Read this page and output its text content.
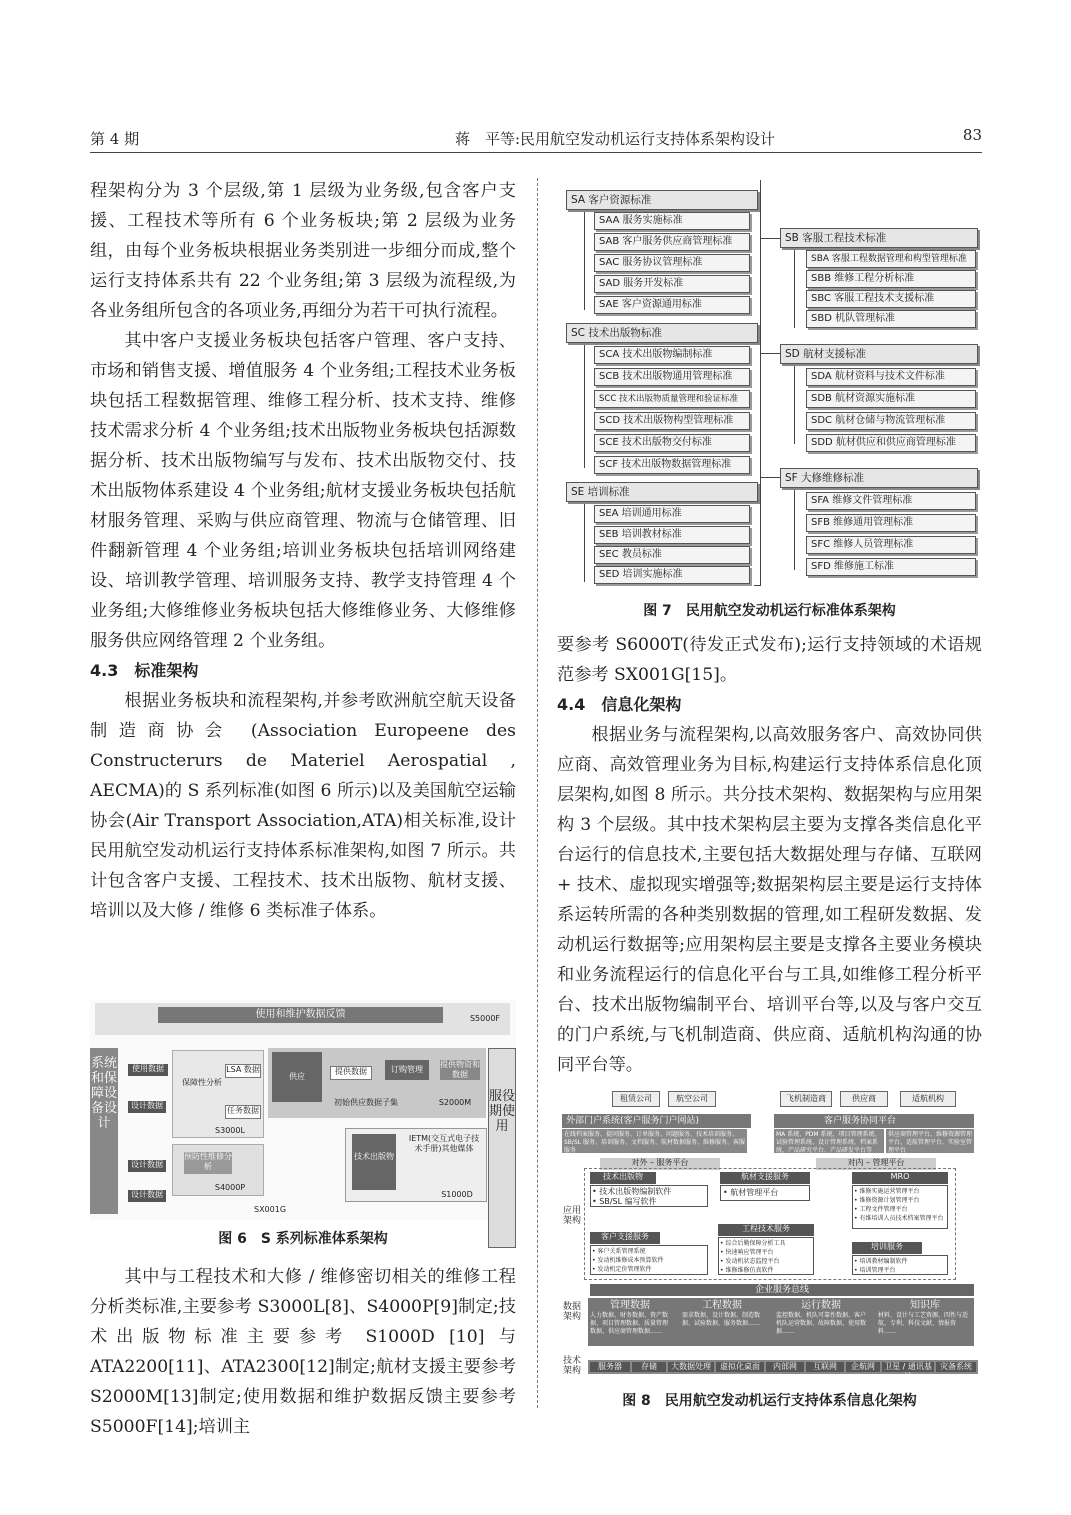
第 4 期	蒋　平等:民用航空发动机运行支持体系架构设计	83

程架构分为 3 个层级,第 1 层级为业务级,包含客户支援、工程技术等所有 6 个业务板块;第 2 层级为业务组，由每个业务板块根据业务类别进一步细分而成,整个运行支持体系共有 22 个业务组;第 3 层级为流程级,为各业务组所包含的各项业务,再细分为若干可执行流程。

其中客户支援业务板块包括客户管理、客户支持、市场和销售支援、增值服务 4 个业务组;工程技术业务板块包括工程数据管理、维修工程分析、技术支持、维修技术需求分析 4 个业务组;技术出版物业务板块包括源数据分析、技术出版物编写与发布、技术出版物交付、技术出版物体系建设 4 个业务组;航材支援业务板块包括航材服务管理、采购与供应商管理、物流与仓储管理、旧件翻新管理 4 个业务组;培训业务板块包括培训网络建设、培训教学管理、培训服务支持、教学支持管理 4 个业务组;大修维修业务板块包括大修维修业务、大修维修服务供应网络管理 2 个业务组。

4.3　标准架构

根据业务板块和流程架构,并参考欧洲航空航天设备制造商协会 (Association Europeene des Constructerurs de Materiel Aerospatial , AECMA)的 S 系列标准(如图 6 所示)以及美国航空运输协会(Air Transport Association,ATA)相关标准,设计民用航空发动机运行支持体系标准架构,如图 7 所示。共计包含客户支援、工程技术、技术出版物、航材支援、培训以及大修 / 维修 6 类标准子体系。

使用和维护数据反馈	S5000F
系统和保障设备设计
服役期使用
使用数据
设计数据
设计数据
设计数据
保障性分析
LSA 数据
任务数据
S3000L
供应
提供数据	订购管理
提供物资和数据
初始供应数据子集	S2000M
预防性维修分析
S4000P
IETM(交互式电子技术手册)其他媒体
技术出版物
S1000D
SX001G
图 6　S 系列标准体系架构

其中与工程技术和大修 / 维修密切相关的维修工程分析类标准,主要参考 S3000L[8]、S4000P[9]制定;技术出版物标准主要参考 S1000D [10] 与 ATA2200[11]、ATA2300[12]制定;航材支援主要参考 S2000M[13]制定;使用数据和维护数据反馈主要参考 S5000F[14];培训主

SA 客户资源标准
SAA 服务实施标准
SAB 客户服务供应商管理标准
SAC 服务协议管理标准
SAD 服务开发标准
SAE 客户资源通用标准
SC 技术出版物标准
SCA 技术出版物编制标准
SCB 技术出版物通用管理标准
SCC 技术出版物质量管理和验证标准
SCD 技术出版物构型管理标准
SCE 技术出版物交付标准
SCF 技术出版物数据管理标准
SE 培训标准
SEA 培训通用标准
SEB 培训教材标准
SEC 教员标准
SED 培训实施标准
SB 客服工程技术标准
SBA 客服工程数据管理和构型管理标准
SBB 维修工程分析标准
SBC 客服工程技术支援标准
SBD 机队管理标准
SD 航材支援标准
SDA 航材资料与技术文件标准
SDB 航材资源实施标准
SDC 航材仓储与物流管理标准
SDD 航材供应和供应商管理标准
SF 大修维修标准
SFA 维修文件管理标准
SFB 维修通用管理标准
SFC 维修人员管理标准
SFD 维修施工标准
图 7　民用航空发动机运行标准体系架构

要参考 S6000T(待发正式发布);运行支持领域的术语规范参考 SX001G[15]。

4.4　信息化架构

根据业务与流程架构,以高效服务客户、高效协同供应商、高效管理业务为目标,构建运行支持体系信息化顶层架构,如图 8 所示。共分技术架构、数据架构与应用架构 3 个层级。其中技术架构层主要为支撑各类信息化平台运行的信息技术,主要包括大数据处理与存储、互联网 + 技术、虚拟现实增强等;数据架构层主要是运行支持体系运转所需的各种类别数据的管理,如工程研发数据、发动机运行数据等;应用架构层主要是支撑各主要业务模块和业务流程运行的信息化平台与工具,如维修工程分析平台、技术出版物编制平台、培训平台等,以及与客户交互的门户系统,与飞机制造商、供应商、适航机构沟通的协同平台等。

租赁公司	航空公司	飞机制造商	供应商	适航机构
外部门户系统(客户服务门户网站)
在线档案服务、提问服务、订单服务、问题服务、技术培训服务、SB/SL 服务、培训服务、文档服务、航材数据服务、维修服务、客服服务
客户服务协同平台
MA 系统、PDM 系统、项目管理系统、试验管理系统、设计管理系统、档案系统、产品研究平台、产品研发平台等
供应商管理平台、维修资源管理平台、适航管理平台、实验室管理平台
对外 – 服务平台	对内 – 管理平台
应用架构
技术出版物
• 技术出版物编制软件
• SB/SL 编写软件
航材支援服务
• 航材管理平台
MRO
• 维修实施运营管理平台
• 维修资源计划管理平台
• 工程文件管理平台
• 有维培训人员技术档案管理平台
工程技术服务
• 综合后勤保障分析工具
• 快速响应管理平台
• 发动机状态监控平台
• 维修维修仿真软件
客户支援服务
• 客户关系管理系统
• 发动机维修成本预算软件
• 发动机定价管理软件
培训服务
• 培训教材编制软件
• 培训管理平台
企业服务总线
数据架构
管理数据
人力数据、财务数据、资产数据、项目管理数据、质量管理数据、供应商管理数据……
工程数据
需求数据、设计数据、制造数据、试验数据、服务数据……
运行数据
监控数据、机队可靠性数据、客户机队运营数据、故障数据、使用数据……
知识库
材料、设计与工艺资源、四性与适航、专利、科技文献、情报资料……
技术架构	服务器	存储	大数据处理	虚拟化桌面	内部网	互联网	企航网	卫星 / 通讯基站
灾备系统
图 8　民用航空发动机运行支持体系信息化架构
